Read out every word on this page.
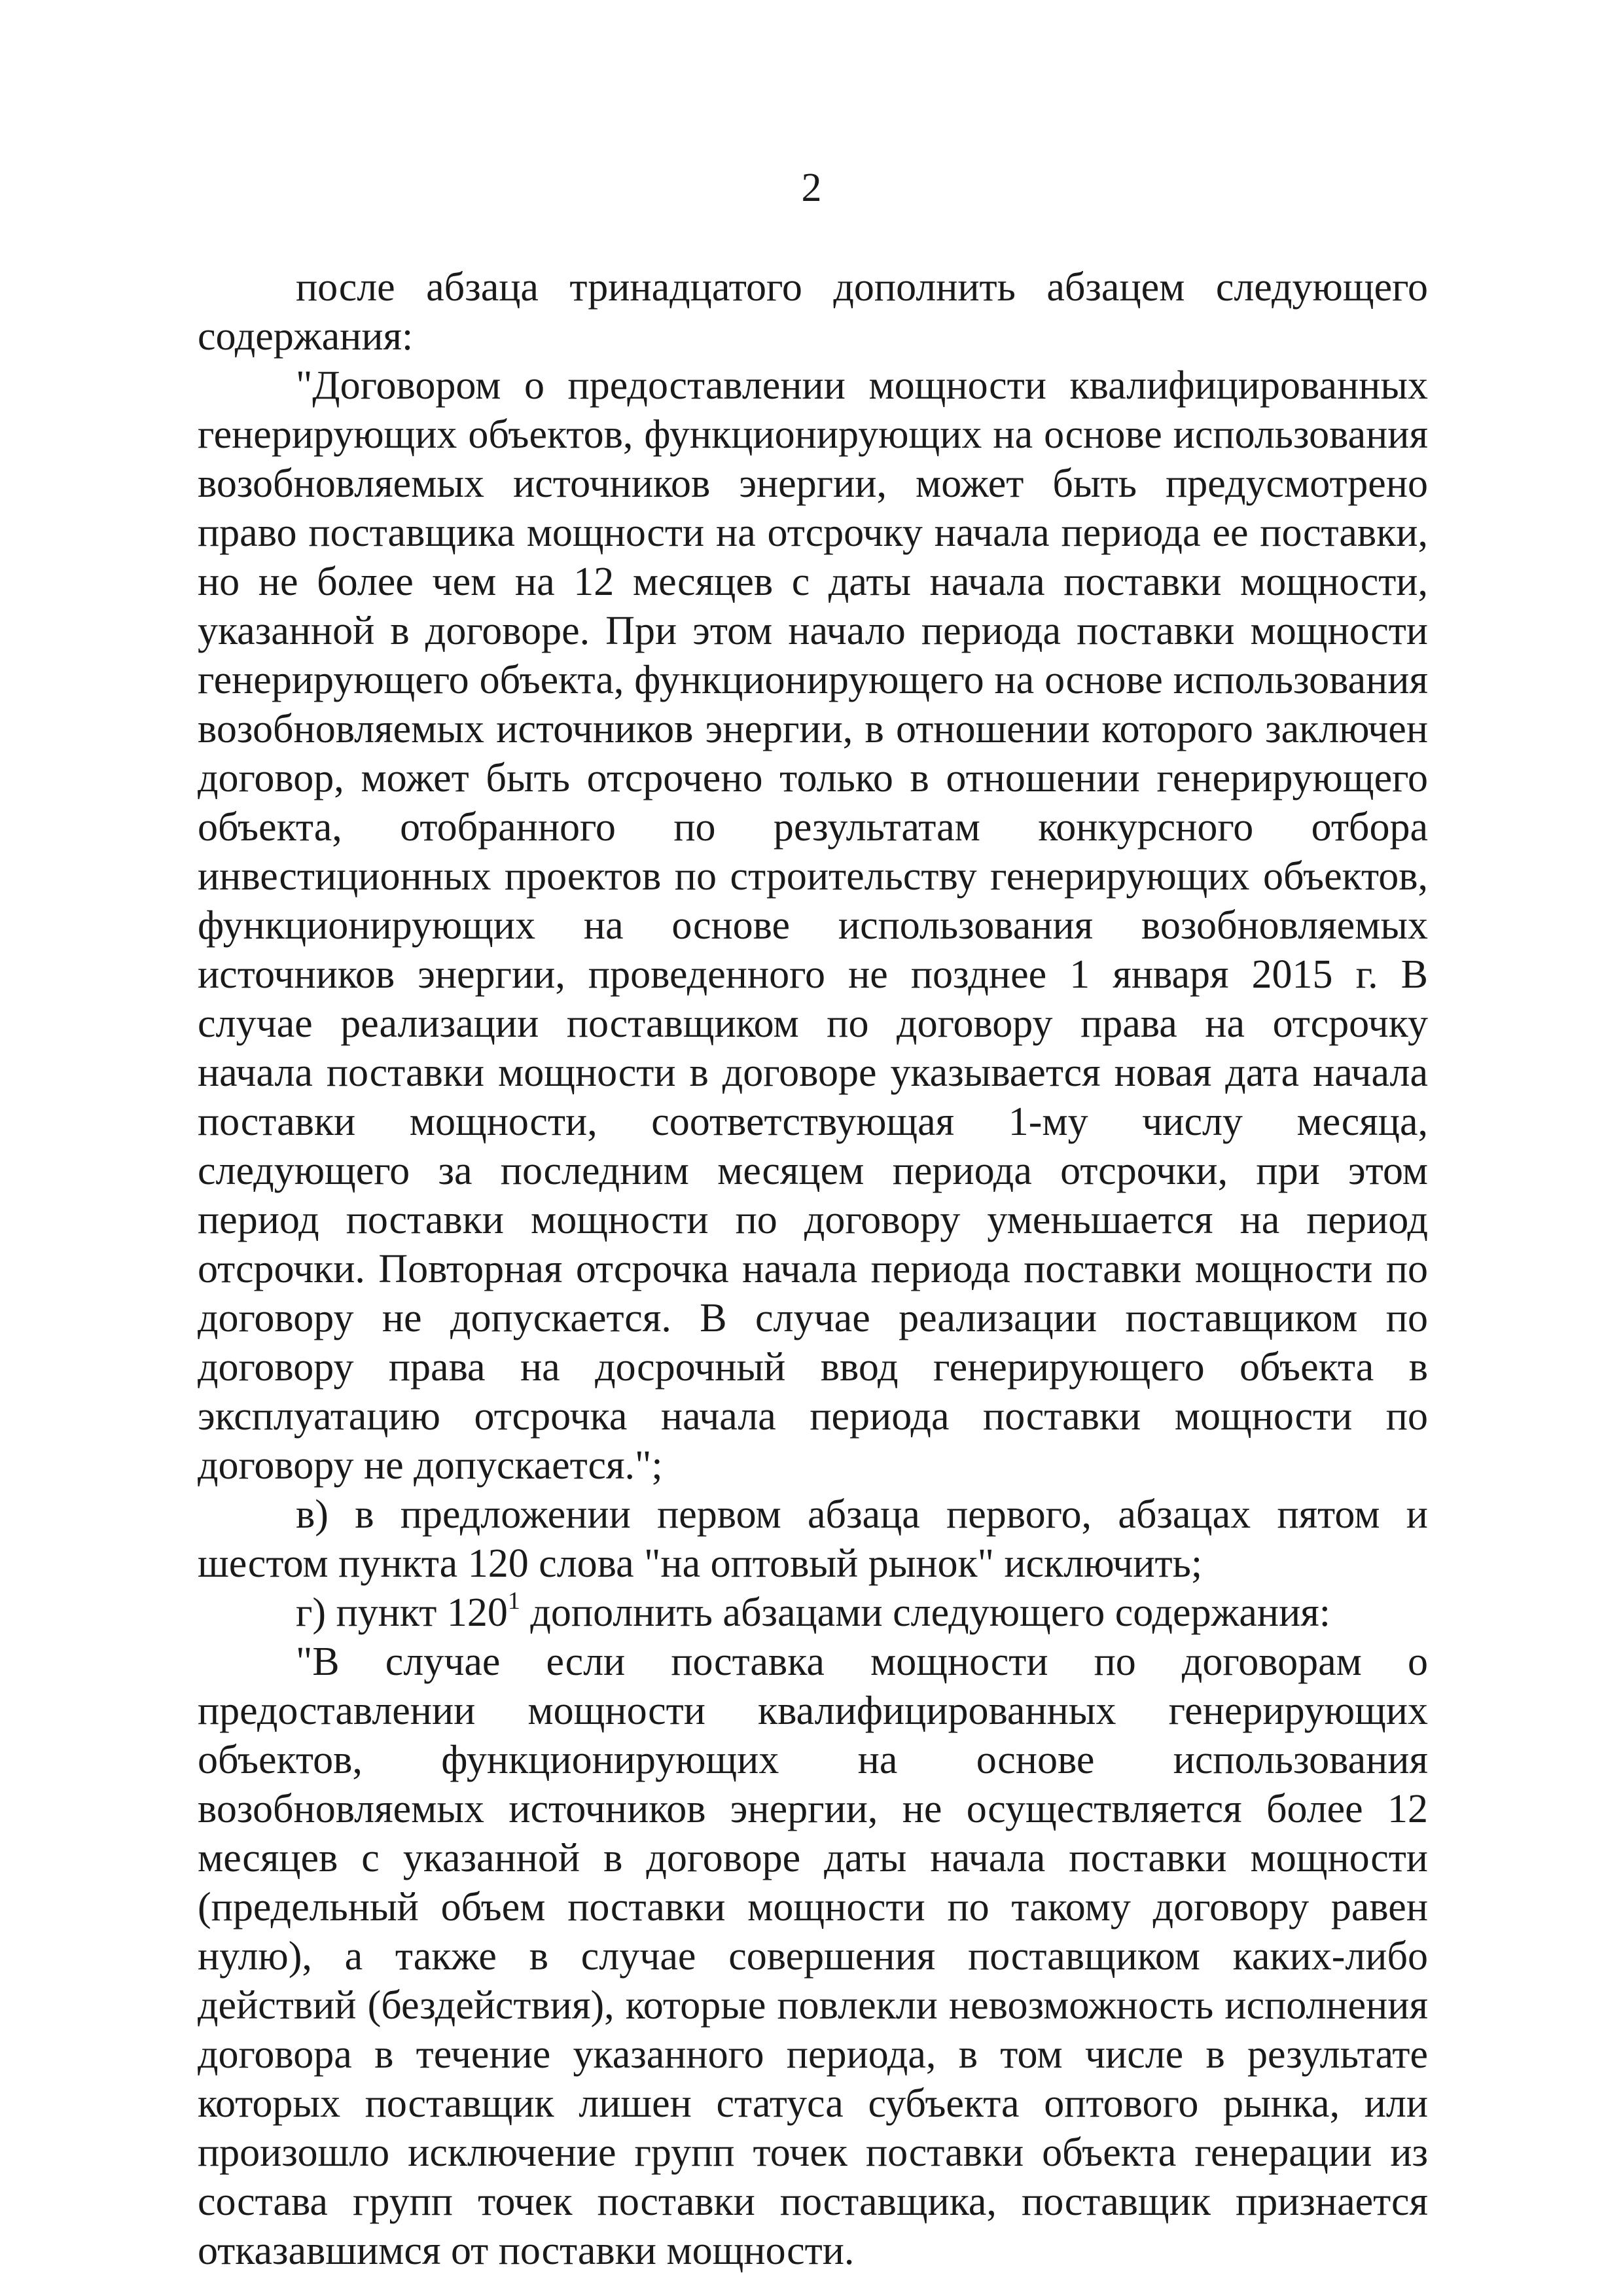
2

после абзаца тринадцатого дополнить абзацем следующего содержания:

"Договором о предоставлении мощности квалифицированных генерирующих объектов, функционирующих на основе использования возобновляемых источников энергии, может быть предусмотрено право поставщика мощности на отсрочку начала периода ее поставки, но не более чем на 12 месяцев с даты начала поставки мощности, указанной в договоре. При этом начало периода поставки мощности генерирующего объекта, функционирующего на основе использования возобновляемых источников энергии, в отношении которого заключен договор, может быть отсрочено только в отношении генерирующего объекта, отобранного по результатам конкурсного отбора инвестиционных проектов по строительству генерирующих объектов, функционирующих на основе использования возобновляемых источников энергии, проведенного не позднее 1 января 2015 г. В случае реализации поставщиком по договору права на отсрочку начала поставки мощности в договоре указывается новая дата начала поставки мощности, соответствующая 1-му числу месяца, следующего за последним месяцем периода отсрочки, при этом период поставки мощности по договору уменьшается на период отсрочки. Повторная отсрочка начала периода поставки мощности по договору не допускается. В случае реализации поставщиком по договору права на досрочный ввод генерирующего объекта в эксплуатацию отсрочка начала периода поставки мощности по договору не допускается.";

в) в предложении первом абзаца первого, абзацах пятом и шестом пункта 120 слова "на оптовый рынок" исключить;

г) пункт $120^1$ дополнить абзацами следующего содержания:

"В случае если поставка мощности по договорам о предоставлении мощности квалифицированных генерирующих объектов, функционирующих на основе использования возобновляемых источников энергии, не осуществляется более 12 месяцев с указанной в договоре даты начала поставки мощности (предельный объем поставки мощности по такому договору равен нулю), а также в случае совершения поставщиком каких-либо действий (бездействия), которые повлекли невозможность исполнения договора в течение указанного периода, в том числе в результате которых поставщик лишен статуса субъекта оптового рынка, или произошло исключение групп точек поставки объекта генерации из состава групп точек поставки поставщика, поставщик признается отказавшимся от поставки мощности.
